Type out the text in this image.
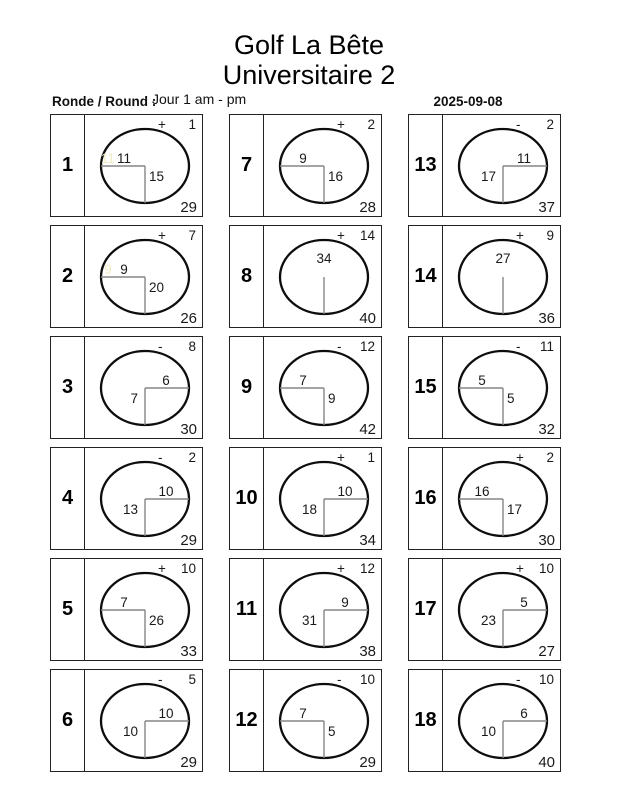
Golf La Bête
Universitaire 2
Ronde / Round :
Jour 1 am - pm	2025-09-08
1	11 11
15
+ 1
29
2	9 9
20
+ 7
26
3	6
7
- 8
30
4	10
13
- 2
29
5	7
26
+ 10
33
6	10
10
- 5
29
7	9
16
+ 2
28
8
34
+ 14
40
9	7
9
- 12
42
10	10
18
+ 1
34
11	9
31
+ 12
38
12	7
5
- 10
29
13	11
17
- 2
37
14
27
+ 9
36
15	5
5
- 11
32
16	16
17
+ 2
30
17	5
23
+ 10
27
18	6
10
- 10
40
